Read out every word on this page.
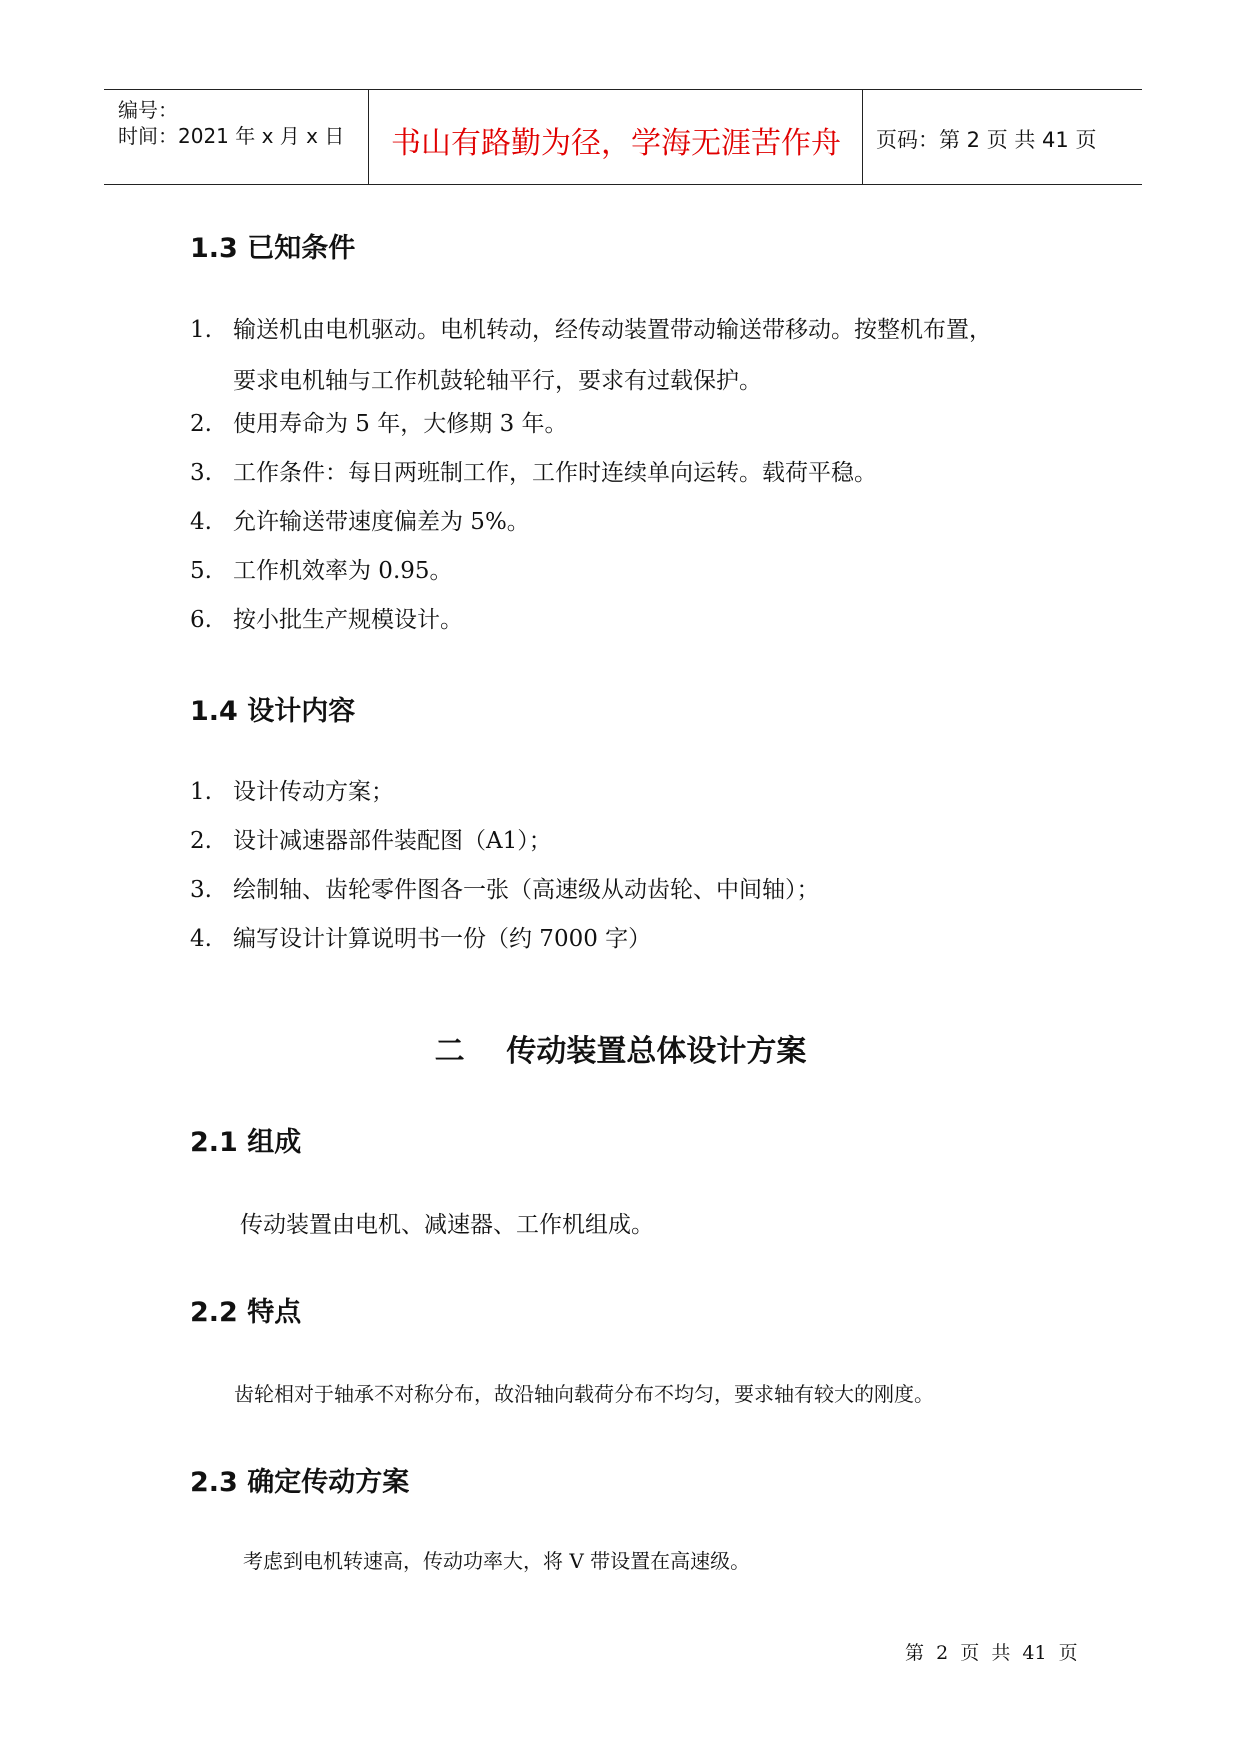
编号：
时间：2021 年 x 月 x 日	书山有路勤为径，学海无涯苦作舟	页码：第 2 页 共 41 页
1.3 已知条件
1. 输送机由电机驱动。电机转动，经传动装置带动输送带移动。按整机布置，
要求电机轴与工作机鼓轮轴平行，要求有过载保护。
2. 使用寿命为 5 年，大修期 3 年。
3. 工作条件：每日两班制工作，工作时连续单向运转。载荷平稳。
4. 允许输送带速度偏差为 5%。
5. 工作机效率为 0.95。
6. 按小批生产规模设计。
1.4 设计内容
1. 设计传动方案；
2. 设计减速器部件装配图（A1）；
3. 绘制轴、齿轮零件图各一张（高速级从动齿轮、中间轴）；
4. 编写设计计算说明书一份（约 7000 字）
二    传动装置总体设计方案
2.1 组成
传动装置由电机、减速器、工作机组成。
2.2 特点
齿轮相对于轴承不对称分布，故沿轴向载荷分布不均匀，要求轴有较大的刚度。
2.3 确定传动方案
考虑到电机转速高，传动功率大，将 V 带设置在高速级。
第  2  页  共  41  页
